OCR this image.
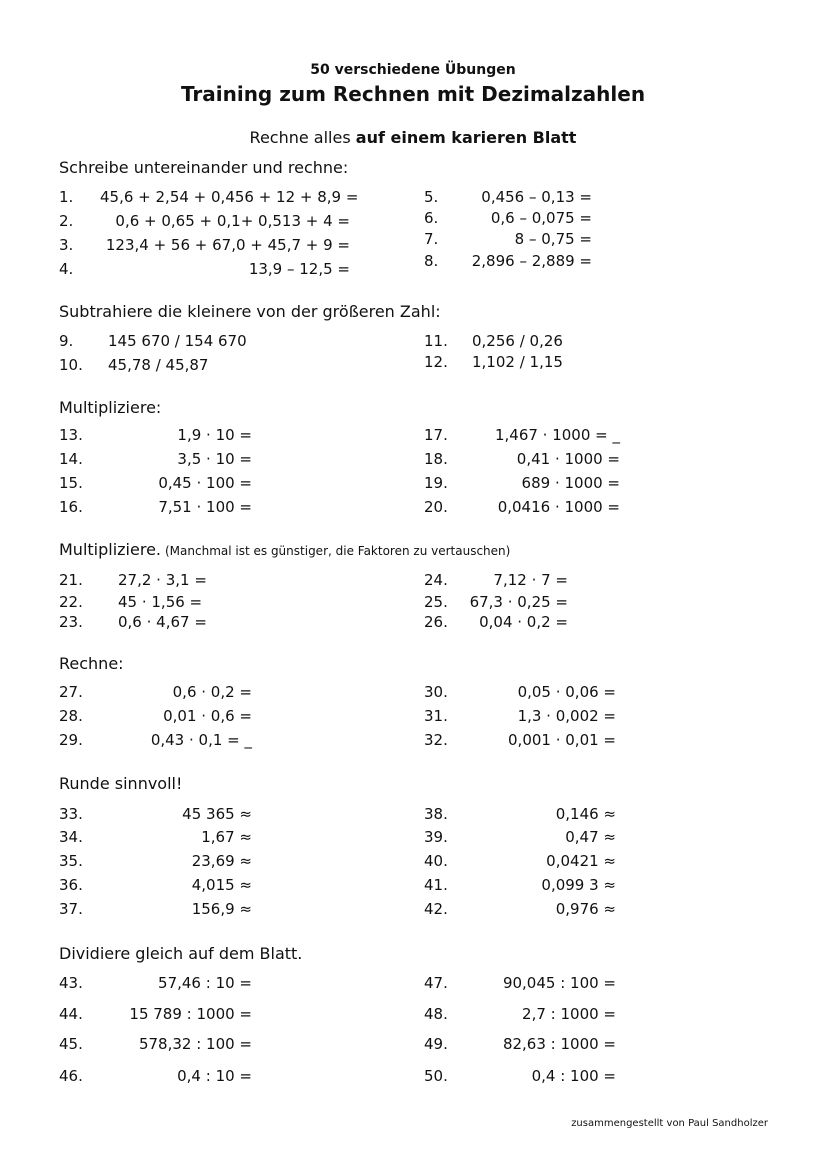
50 verschiedene Übungen
Training zum Rechnen mit Dezimalzahlen
Rechne alles auf einem karieren Blatt
Schreibe untereinander und rechne:
1. 45,6 + 2,54 + 0,456 + 12 + 8,9 =
2.	0,6 + 0,65 + 0,1+ 0,513 + 4 =
3.	123,4 + 56 + 67,0 + 45,7 + 9 =
4.	13,9 – 12,5 =
5.	0,456 – 0,13 =
6.	0,6 – 0,075 =
7.	8 – 0,75 =
8.	2,896 – 2,889 =
Subtrahiere die kleinere von der größeren Zahl:
9. 145 670 / 154 670
10. 45,78 / 45,87
11. 0,256 / 0,26
12. 1,102 / 1,15
Multipliziere:
13.	1,9 · 10 =
14.	3,5 · 10 =
15.	0,45 · 100 =
16.	7,51 · 100 =
17.	1,467 · 1000 = _
18.	0,41 · 1000 =
19.	689 · 1000 =
20.	0,0416 · 1000 =
Multipliziere. (Manchmal ist es günstiger, die Faktoren zu vertauschen)
21. 27,2 · 3,1 =
22. 45 · 1,56 =
23. 0,6 · 4,67 =
24.	7,12 · 7 =
25.	67,3 · 0,25 =
26.	0,04 · 0,2 =
Rechne:
27.	0,6 · 0,2 =
28.	0,01 · 0,6 =
29.	0,43 · 0,1 = _
30.	0,05 · 0,06 =
31.	1,3 · 0,002 =
32.	0,001 · 0,01 =
Runde sinnvoll!
33.	45 365 ≈
34.	1,67 ≈
35.	23,69 ≈
36.	4,015 ≈
37.	156,9 ≈
38.	0,146 ≈
39.	0,47 ≈
40.	0,0421 ≈
41.	0,099 3 ≈
42.	0,976 ≈
Dividiere gleich auf dem Blatt.
43.	57,46 : 10 =
44.	15 789 : 1000 =
45.	578,32 : 100 =
46.	0,4 : 10 =
47.	90,045 : 100 =
48.	2,7 : 1000 =
49.	82,63 : 1000 =
50.	0,4 : 100 =
zusammengestellt von Paul Sandholzer
